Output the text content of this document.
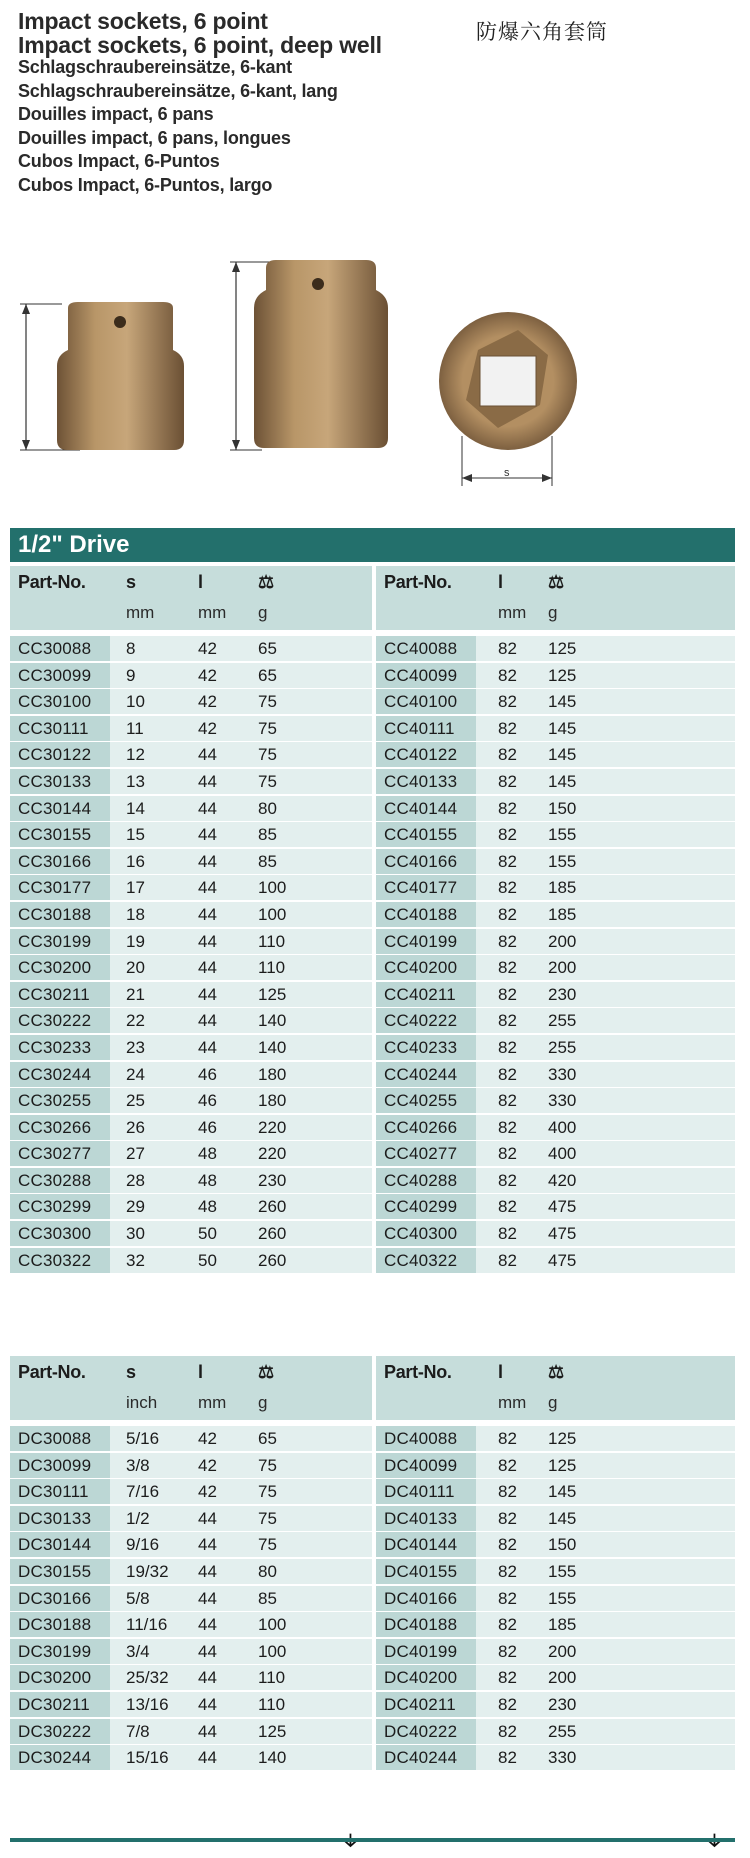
Impact sockets, 6 point
Impact sockets, 6 point, deep well
Schlagschraubereinsätze, 6-kant
Schlagschraubereinsätze, 6-kant, lang
Douilles impact, 6 pans
Douilles impact, 6 pans, longues
Cubos Impact, 6-Puntos
Cubos Impact, 6-Puntos, largo
防爆六角套筒
s
1/2" Drive
Part-No. s	l	⚖
mm	mm g
CC30088	8	42 65
CC30099	9	42 65
CC30100	10	42 75
CC30111	11	42 75
CC30122	12	44 75
CC30133	13	44 75
CC30144	14	44 80
CC30155	15	44 85
CC30166	16	44 85
CC30177	17	44 100
CC30188	18	44 100
CC30199	19	44 110
CC30200	20	44 110
CC30211	21	44 125
CC30222	22	44 140
CC30233	23	44 140
CC30244	24	46 180
CC30255	25	46 180
CC30266	26	46 220
CC30277	27	48 220
CC30288	28	48 230
CC30299	29	48 260
CC30300	30	50 260
CC30322	32	50 260
Part-No.	l	⚖
mm g
CC40088	82 125
CC40099	82 125
CC40100	82 145
CC40111	82 145
CC40122	82 145
CC40133	82 145
CC40144	82 150
CC40155	82 155
CC40166	82 155
CC40177	82 185
CC40188	82 185
CC40199	82 200
CC40200	82 200
CC40211	82 230
CC40222	82 255
CC40233	82 255
CC40244	82 330
CC40255	82 330
CC40266	82 400
CC40277	82 400
CC40288	82 420
CC40299	82 475
CC40300	82 475
CC40322	82 475
Part-No. s	l	⚖
inch mm g
DC30088	5/16 42 65
DC30099	3/8	42 75
DC30111	7/16 42 75
DC30133	1/2	44 75
DC30144	9/16 44 75
DC30155	19/32 44 80
DC30166	5/8	44 85
DC30188	11/16 44 100
DC30199	3/4	44 100
DC30200	25/32 44 110
DC30211	13/16 44 110
DC30222	7/8	44 125
DC30244	15/16 44 140
Part-No.	l	⚖
mm g
DC40088	82 125
DC40099	82 125
DC40111	82 145
DC40133	82 145
DC40144	82 150
DC40155	82 155
DC40166	82 155
DC40188	82 185
DC40199	82 200
DC40200	82 200
DC40211	82 230
DC40222	82 255
DC40244	82 330
